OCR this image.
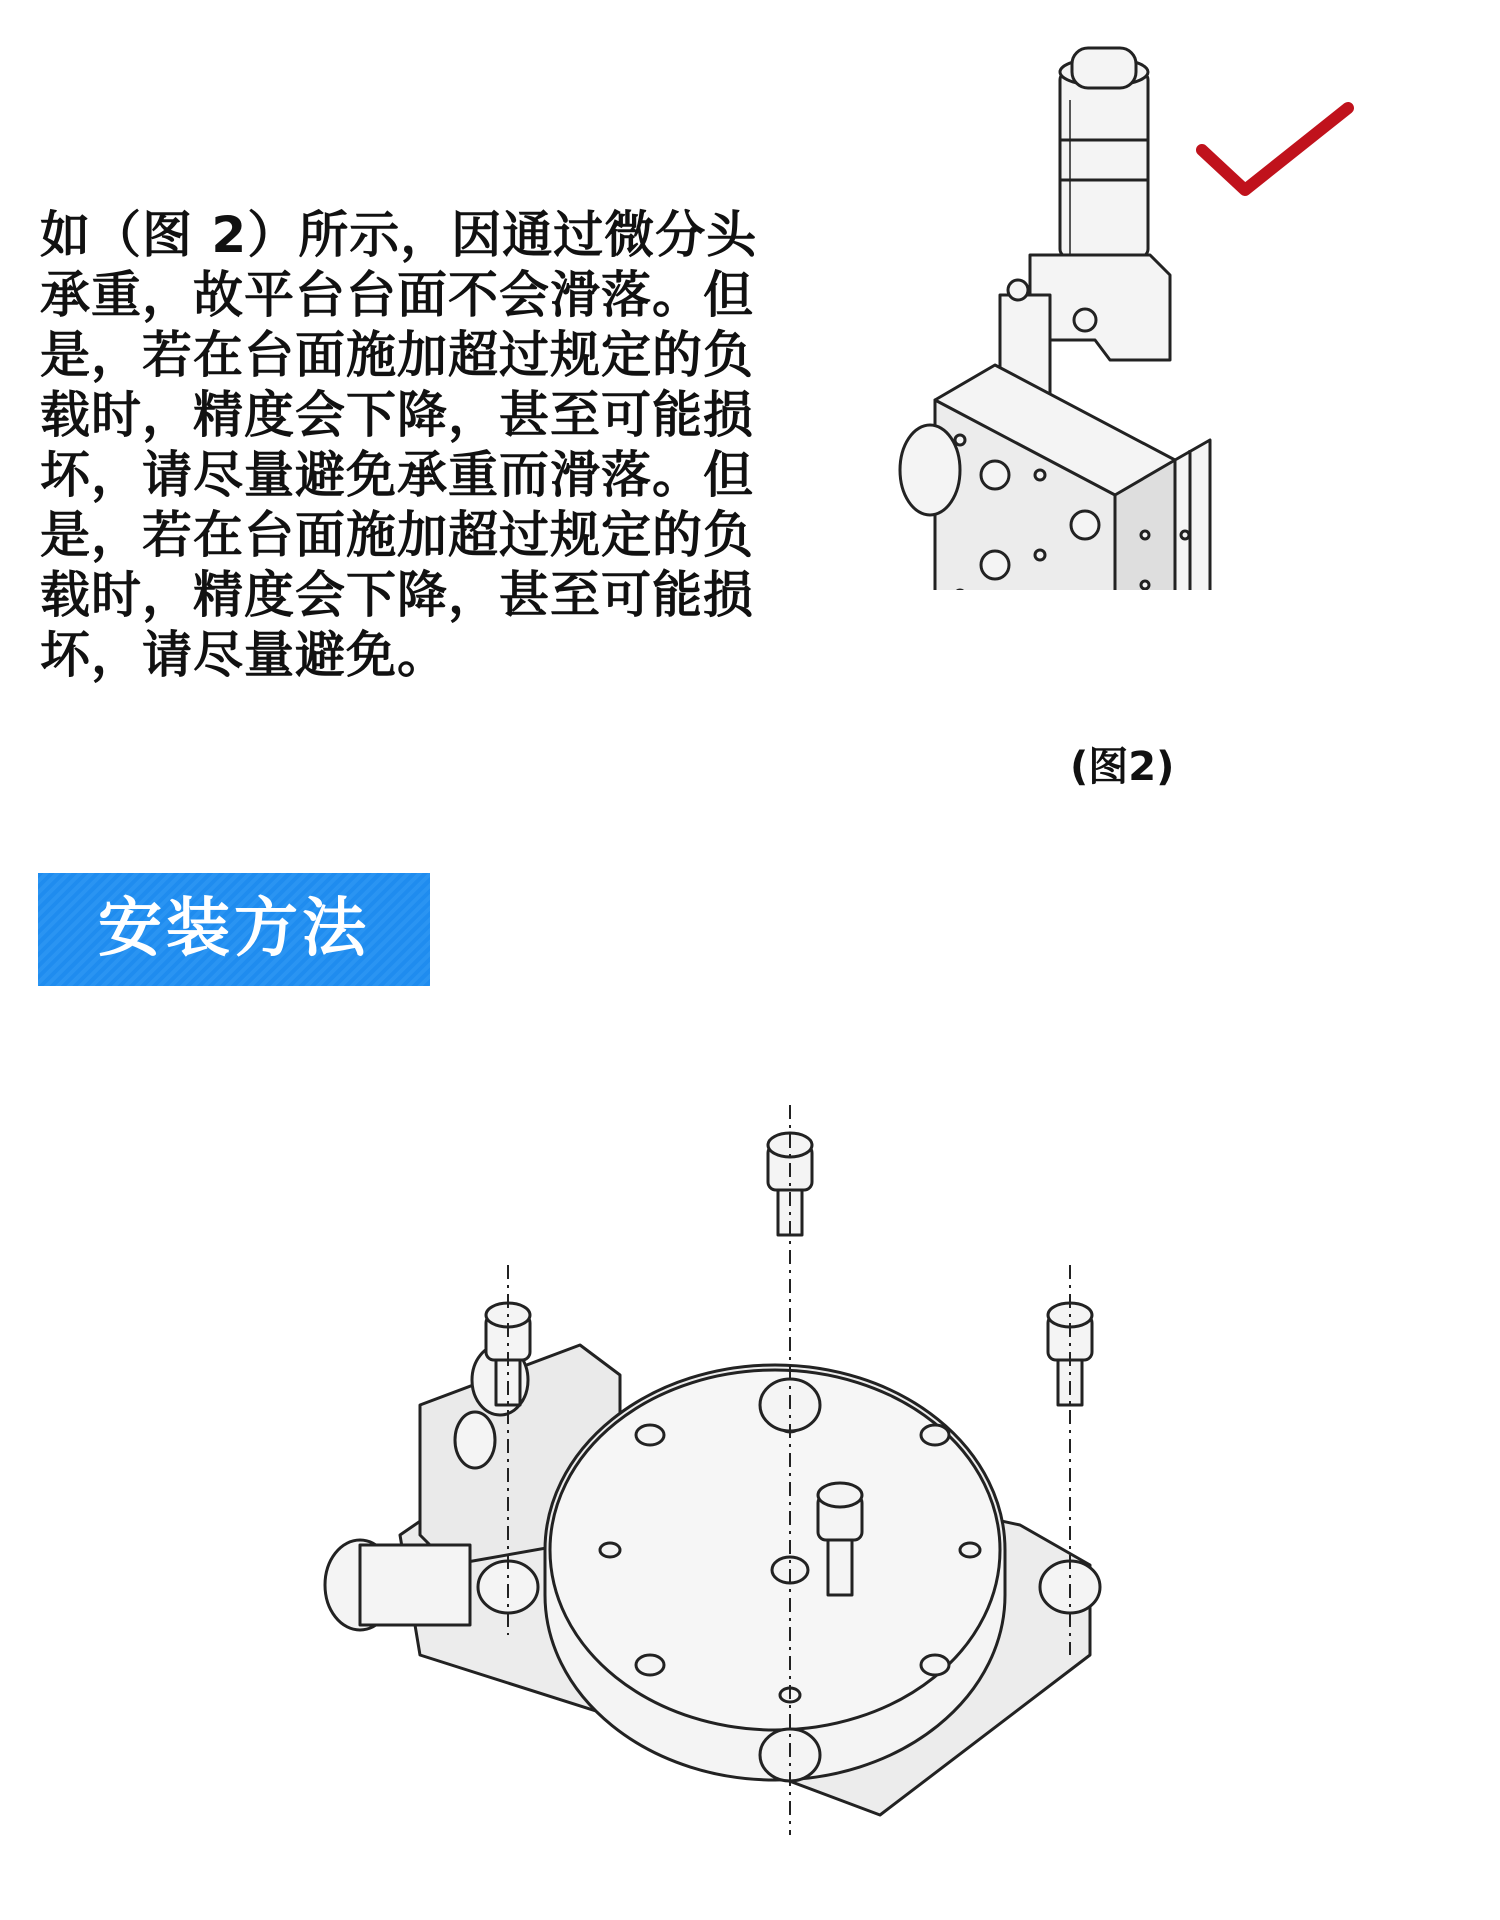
如（图 2）所示，因通过微分头
承重，故平台台面不会滑落。但
是，若在台面施加超过规定的负
载时，精度会下降，甚至可能损
坏，请尽量避免承重而滑落。但
是，若在台面施加超过规定的负
载时，精度会下降，甚至可能损
坏，请尽量避免。
(图2)
安装方法
